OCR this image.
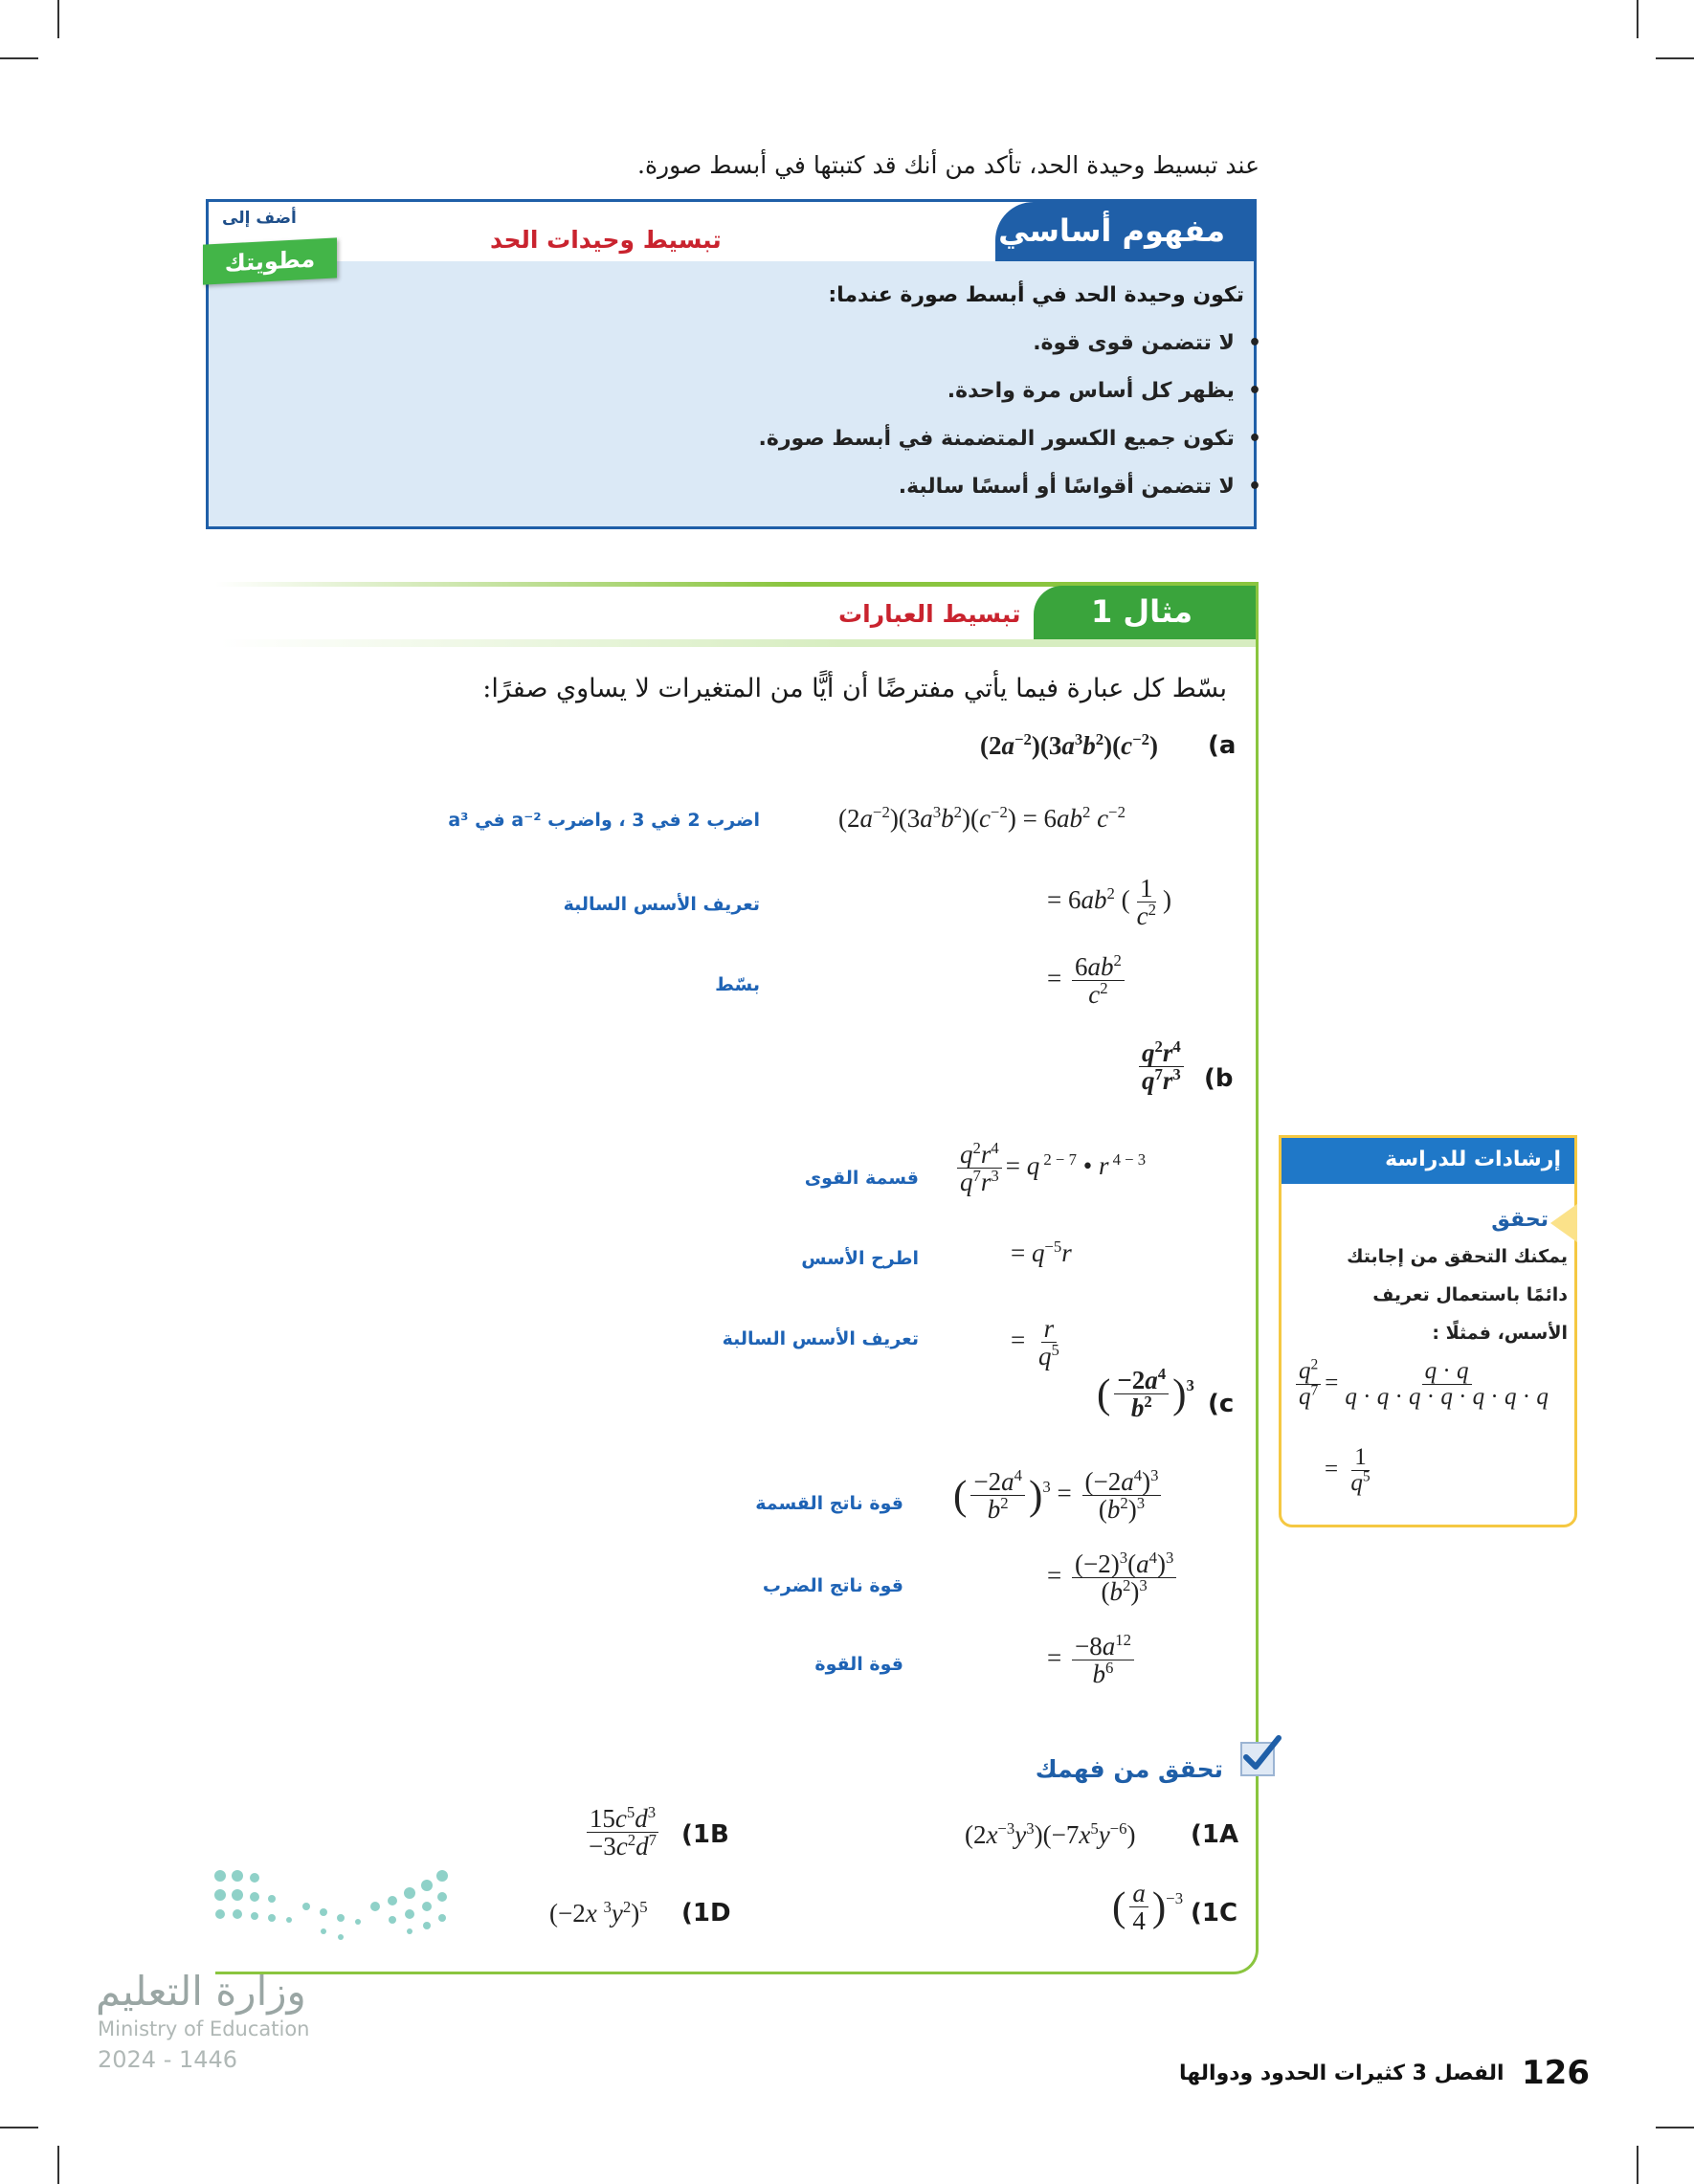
عند تبسيط وحيدة الحد، تأكد من أنك قد كتبتها في أبسط صورة.
مفهوم أساسي
تبسيط وحيدات الحد
أضف إلى
مطويتك
تكون وحيدة الحد في أبسط صورة عندما:
• لا تتضمن قوى قوة.
• يظهر كل أساس مرة واحدة.
• تكون جميع الكسور المتضمنة في أبسط صورة.
• لا تتضمن أقواسًا أو أسسًا سالبة.
مثال 1
تبسيط العبارات
بسّط كل عبارة فيما يأتي مفترضًا أن أيًّا من المتغيرات لا يساوي صفرًا:
(a
$(2a^{-2})(3a^3b^2)(c^{-2})$
$(2a^{-2})(3a^3b^2)(c^{-2}) = 6ab^2$ $c^{-2}$
اضرب 2 في 3 ، واضرب a⁻² في a³
= $6ab^2$ ( $\frac{1}{c^2}$ )
تعريف الأسس السالبة
= $\frac{6ab^2}{c^2}$
بسّط
(b
$\frac{q^2r^4}{q^7r^3}$
$\frac{q^2r^4}{q^7r^3} = q$ $^{2 - 7}$ • r $^{4 - 3}$
قسمة القوى
= $q^{-5}r$
اطرح الأسس
= $\frac{r}{q^5}$
تعريف الأسس السالبة
(c
( $\frac{-2a^4}{b^2} )^3$
( $\frac{-2a^4}{b^2} )^3 = \frac{(-2a^4)^3}{(b^2)^3}$
قوة ناتج القسمة
= $\frac{(-2)^3(a^4)^3}{(b^2)^3}$
قوة ناتج الضرب
= $\frac{-8a^{12}}{b^6}$
قوة القوة
تحقق من فهمك
(1A
$(2x^{-3}y^3)(-7x^5y^{-6})$
(1B
$\frac{15c^5d^3}{-3c^2d^7}$
(1C
( $\frac{a}{4} )^{-3}$
(1D
(−2x $^3y^2)^5$
إرشادات للدراسة
تحقق
يمكنك التحقق من إجابتك
دائمًا باستعمال تعريف
الأسس، فمثلًا :
$\frac{q^2}{q^7} = \frac{q \cdot q}{q \cdot q \cdot q \cdot q \cdot q \cdot q \cdot q}$
= $\frac{1}{q^5}$
وزارة التعليم
Ministry of Education
2024 - 1446
الفصل 3 كثيرات الحدود ودوالها 126
